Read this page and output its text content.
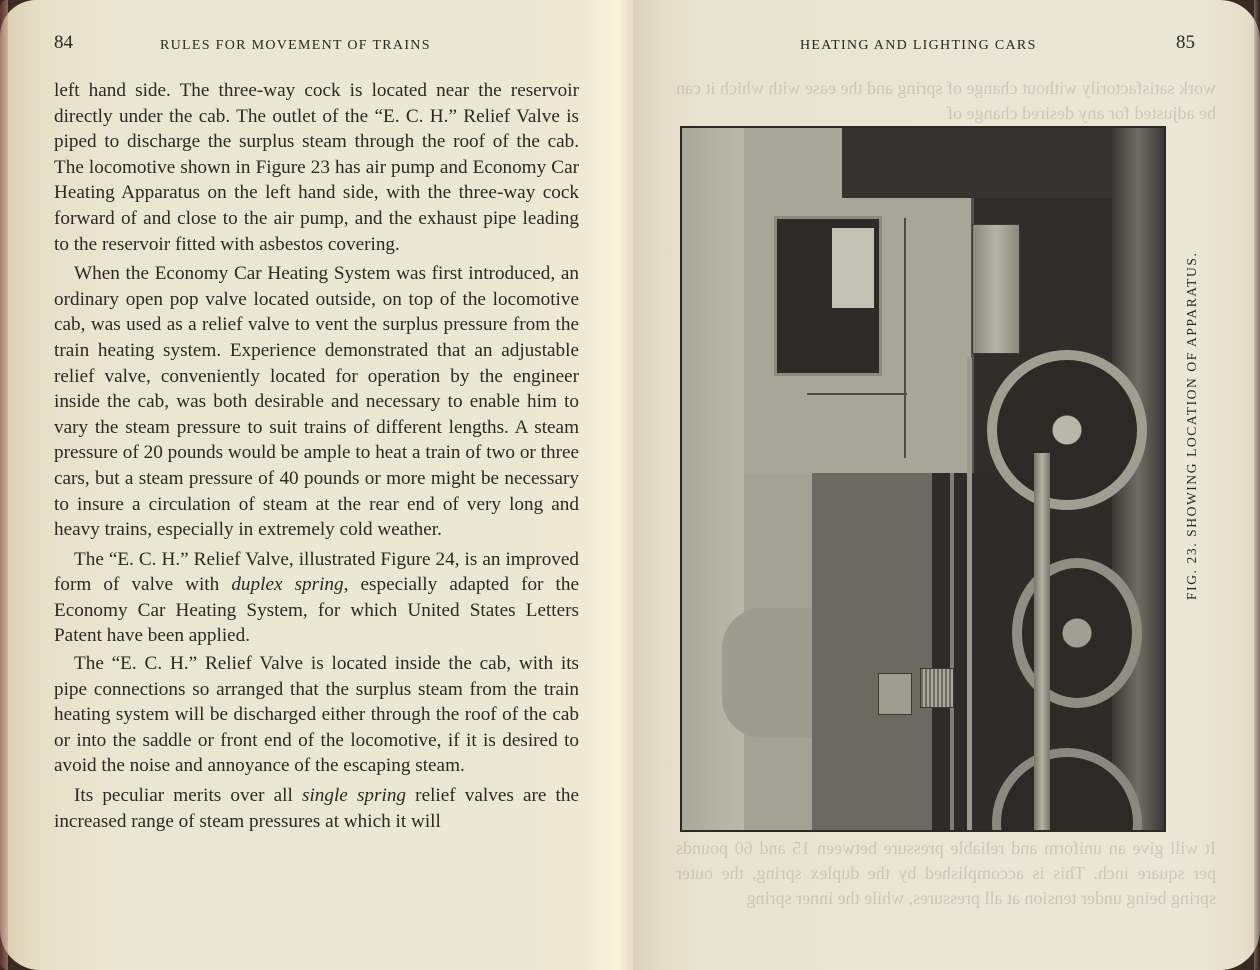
84	RULES FOR MOVEMENT OF TRAINS

left hand side. The three-way cock is located near the reservoir directly under the cab. The outlet of the “E. C. H.” Relief Valve is piped to discharge the surplus steam through the roof of the cab. The locomotive shown in Figure 23 has air pump and Economy Car Heating Apparatus on the left hand side, with the three-way cock forward of and close to the air pump, and the exhaust pipe leading to the reservoir fitted with asbestos covering.

When the Economy Car Heating System was first introduced, an ordinary open pop valve located outside, on top of the locomotive cab, was used as a relief valve to vent the surplus pressure from the train heating system. Experience demonstrated that an adjustable relief valve, conveniently located for operation by the engineer inside the cab, was both desirable and necessary to enable him to vary the steam pressure to suit trains of different lengths. A steam pressure of 20 pounds would be ample to heat a train of two or three cars, but a steam pressure of 40 pounds or more might be necessary to insure a circulation of steam at the rear end of very long and heavy trains, especially in extremely cold weather.

The “E. C. H.” Relief Valve, illustrated Figure 24, is an improved form of valve with duplex spring, especially adapted for the Economy Car Heating System, for which United States Letters Patent have been applied.

The “E. C. H.” Relief Valve is located inside the cab, with its pipe connections so arranged that the surplus steam from the train heating system will be discharged either through the roof of the cab or into the saddle or front end of the locomotive, if it is desired to avoid the noise and annoyance of the escaping steam.

Its peculiar merits over all single spring relief valves are the increased range of steam pressures at which it will

HEATING AND LIGHTING CARS	85
work satisfactorily without change of spring and the ease with which it can be adjusted for any desired change of
It will give an uniform and reliable pressure between 15 and 60 pounds per square inch. This is accomplished by the duplex spring, the outer spring being under tension at all pressures, while the inner spring
FIG. 23. SHOWING LOCATION OF APPARATUS.
